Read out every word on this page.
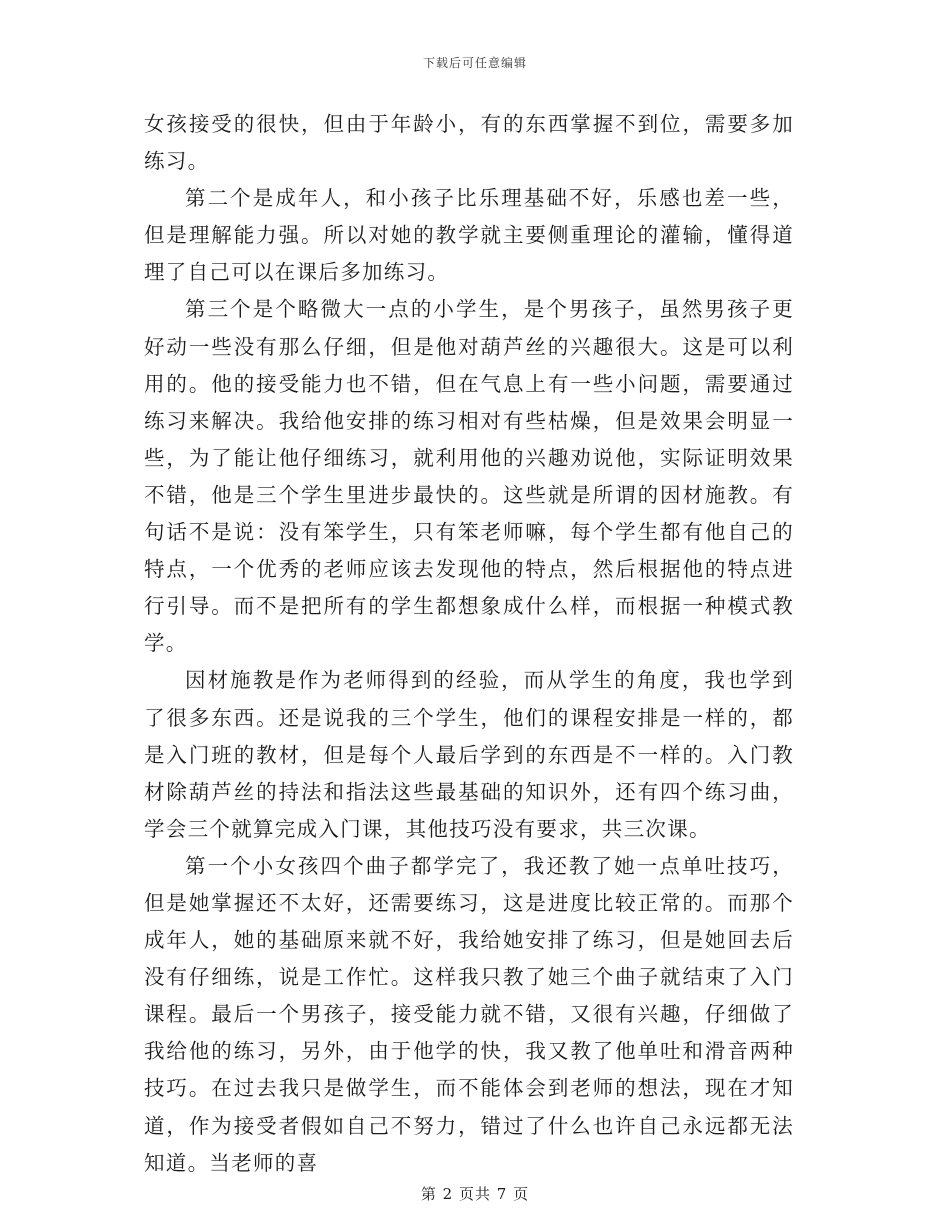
下载后可任意编辑

女孩接受的很快，但由于年龄小，有的东西掌握不到位，需要多加练习。

第二个是成年人，和小孩子比乐理基础不好，乐感也差一些，但是理解能力强。所以对她的教学就主要侧重理论的灌输，懂得道理了自己可以在课后多加练习。

第三个是个略微大一点的小学生，是个男孩子，虽然男孩子更好动一些没有那么仔细，但是他对葫芦丝的兴趣很大。这是可以利用的。他的接受能力也不错，但在气息上有一些小问题，需要通过练习来解决。我给他安排的练习相对有些枯燥，但是效果会明显一些，为了能让他仔细练习，就利用他的兴趣劝说他，实际证明效果不错，他是三个学生里进步最快的。这些就是所谓的因材施教。有句话不是说：没有笨学生，只有笨老师嘛，每个学生都有他自己的特点，一个优秀的老师应该去发现他的特点，然后根据他的特点进行引导。而不是把所有的学生都想象成什么样，而根据一种模式教学。

因材施教是作为老师得到的经验，而从学生的角度，我也学到了很多东西。还是说我的三个学生，他们的课程安排是一样的，都是入门班的教材，但是每个人最后学到的东西是不一样的。入门教材除葫芦丝的持法和指法这些最基础的知识外，还有四个练习曲，学会三个就算完成入门课，其他技巧没有要求，共三次课。

第一个小女孩四个曲子都学完了，我还教了她一点单吐技巧，但是她掌握还不太好，还需要练习，这是进度比较正常的。而那个成年人，她的基础原来就不好，我给她安排了练习，但是她回去后没有仔细练，说是工作忙。这样我只教了她三个曲子就结束了入门课程。最后一个男孩子，接受能力就不错，又很有兴趣，仔细做了我给他的练习，另外，由于他学的快，我又教了他单吐和滑音两种技巧。在过去我只是做学生，而不能体会到老师的想法，现在才知道，作为接受者假如自己不努力，错过了什么也许自己永远都无法知道。当老师的喜

第 2 页共 7 页
